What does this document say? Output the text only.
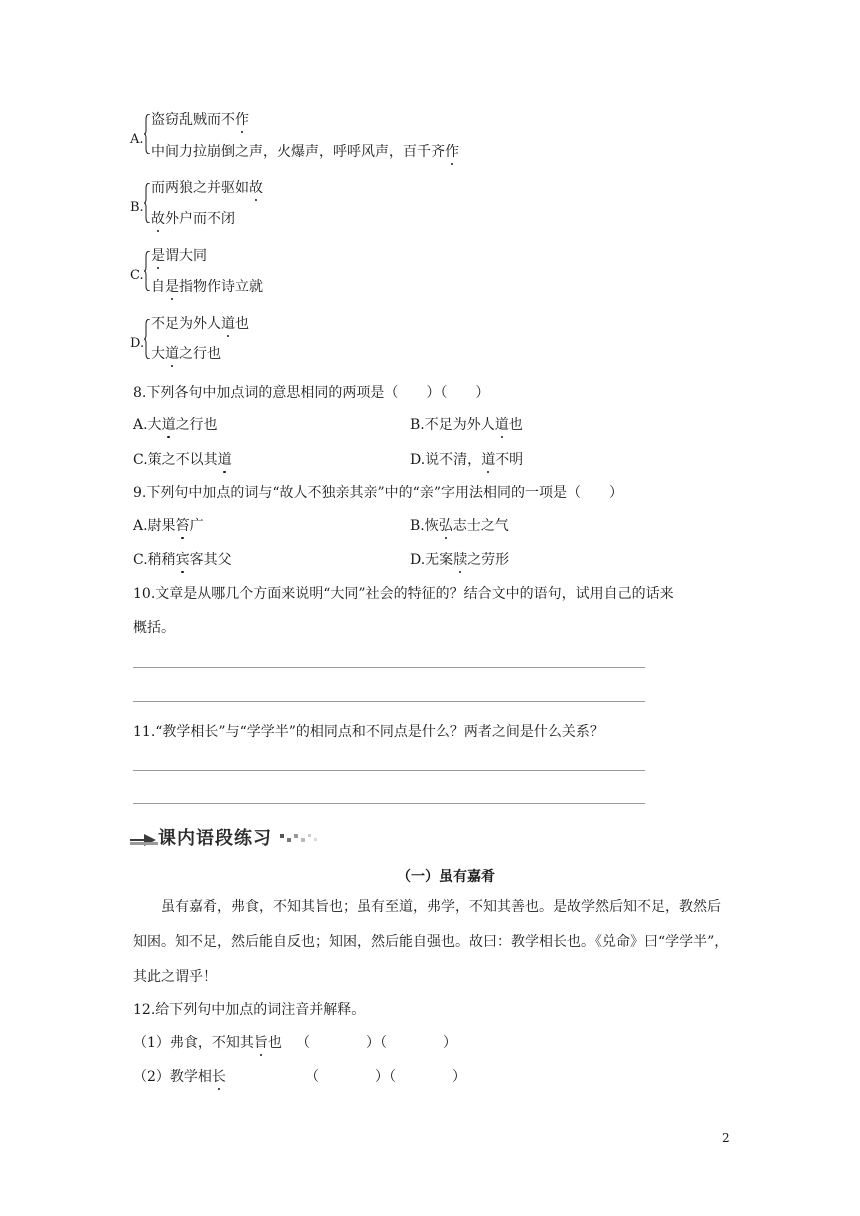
A.
盗窃乱贼而不作
中间力拉崩倒之声，火爆声，呼呼风声，百千齐作
B.
而两狼之并驱如故
故外户而不闭
C.
是谓大同
自是指物作诗立就
D.
不足为外人道也
大道之行也
8.下列各句中加点词的意思相同的两项是（　　）（　　）
A.大道之行也	B.不足为外人道也
C.策之不以其道	D.说不清，道不明
9.下列句中加点的词与“故人不独亲其亲”中的“亲”字用法相同的一项是（　　）
A.尉果笞广	B.恢弘志士之气
C.稍稍宾客其父	D.无案牍之劳形
10.文章是从哪几个方面来说明“大同”社会的特征的？结合文中的语句，试用自己的话来
概括。
11.“教学相长”与“学学半”的相同点和不同点是什么？两者之间是什么关系？
课内语段练习
（一）虽有嘉肴
虽有嘉肴，弗食，不知其旨也；虽有至道，弗学，不知其善也。是故学然后知不足，教然后知困。知不足，然后能自反也；知困，然后能自强也。故曰：教学相长也。《兑命》曰“学学半”，其此之谓乎！
12.给下列句中加点的词注音并解释。
（1）弗食，不知其旨也 （　　　　）（　　　　）
（2）教学相长	（　　　　）（　　　　）
2
